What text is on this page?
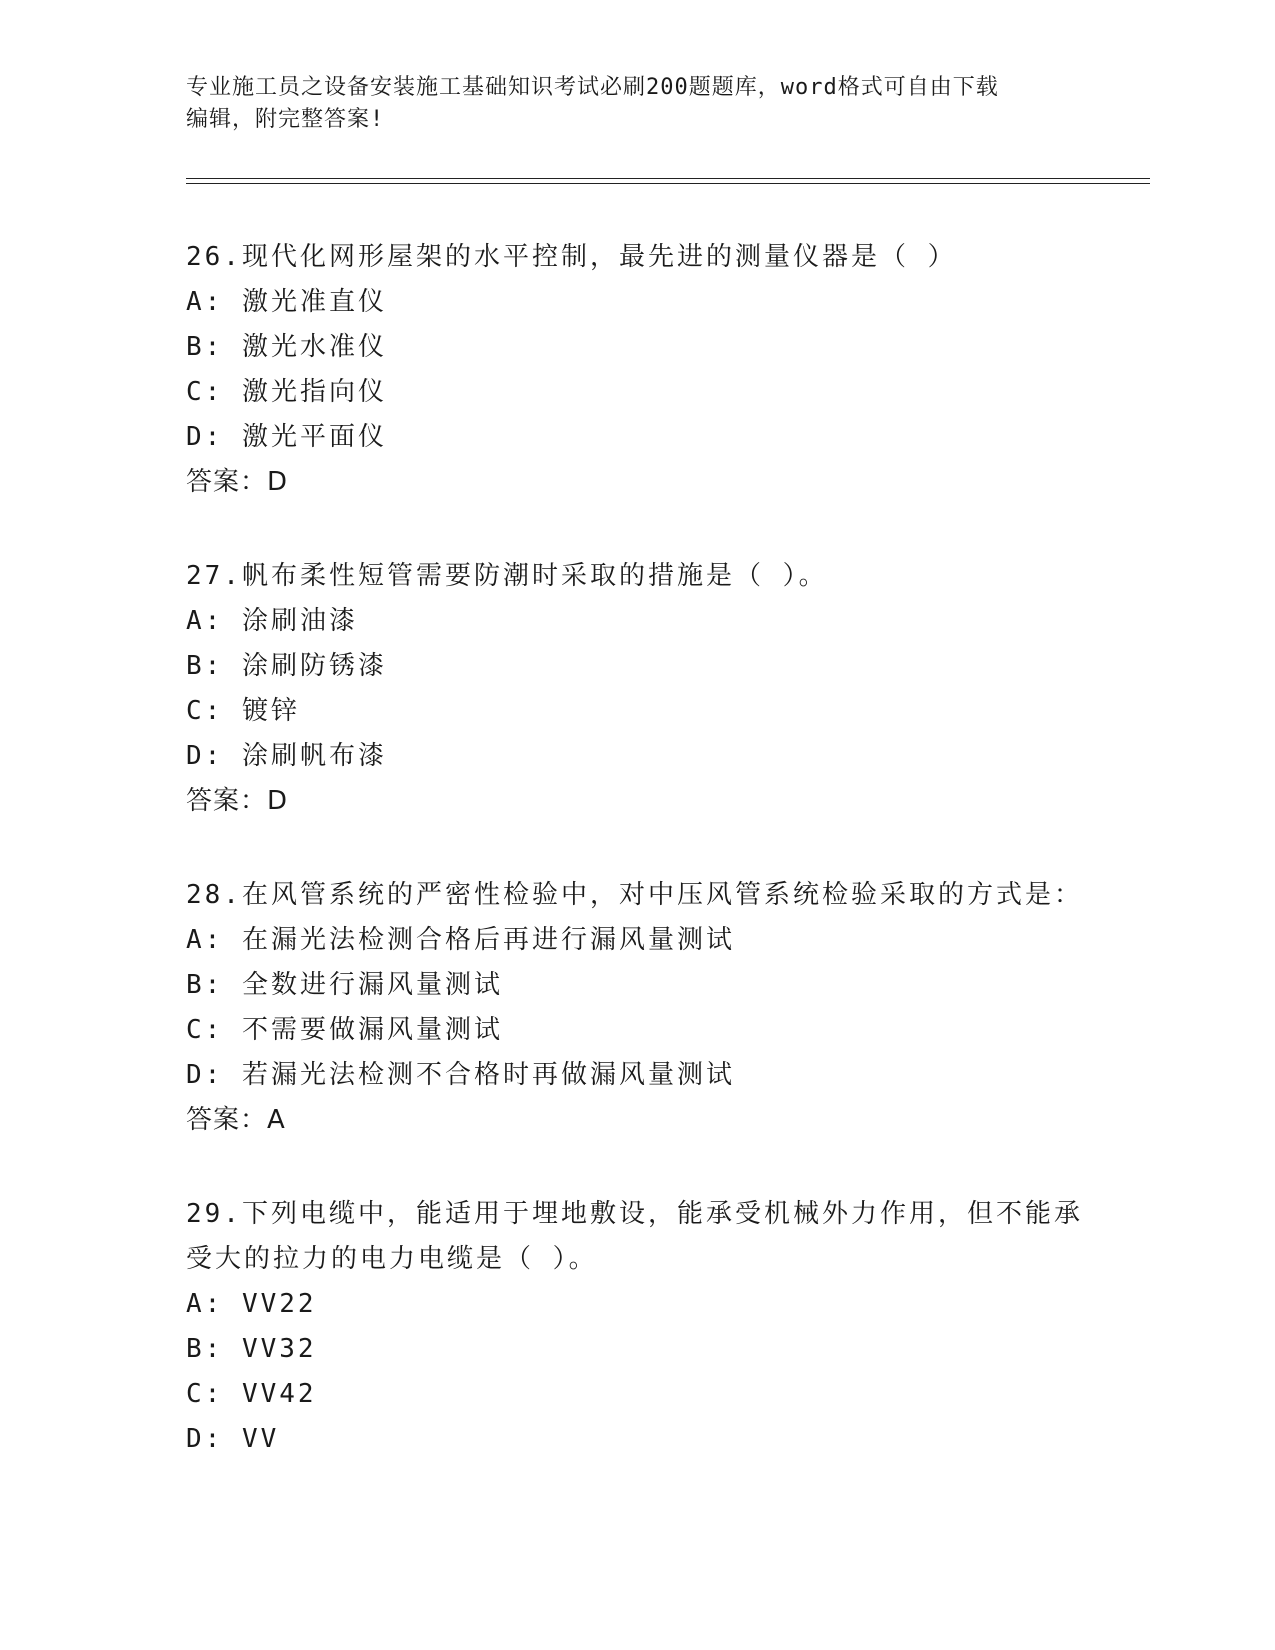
专业施工员之设备安装施工基础知识考试必刷200题题库，word格式可自由下载
编辑，附完整答案!
26.现代化网形屋架的水平控制，最先进的测量仪器是（ ）
A: 激光准直仪
B: 激光水准仪
C: 激光指向仪
D: 激光平面仪
答案：D
27.帆布柔性短管需要防潮时采取的措施是（ ）。
A: 涂刷油漆
B: 涂刷防锈漆
C: 镀锌
D: 涂刷帆布漆
答案：D
28.在风管系统的严密性检验中，对中压风管系统检验采取的方式是：
A: 在漏光法检测合格后再进行漏风量测试
B: 全数进行漏风量测试
C: 不需要做漏风量测试
D: 若漏光法检测不合格时再做漏风量测试
答案：A
29.下列电缆中，能适用于埋地敷设，能承受机械外力作用，但不能承
受大的拉力的电力电缆是（ ）。
A: VV22
B: VV32
C: VV42
D: VV
